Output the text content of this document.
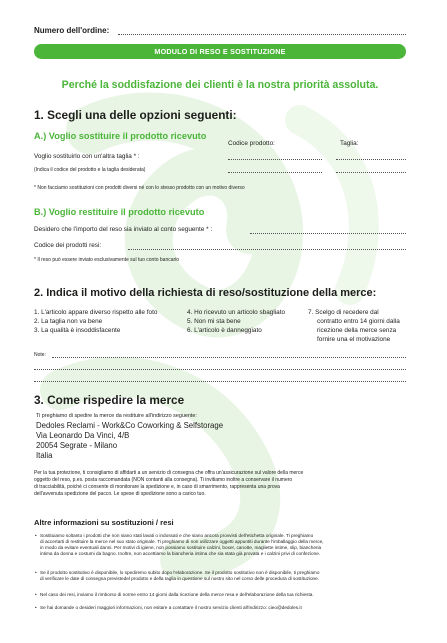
Numero dell'ordine:
MODULO DI RESO E SOSTITUZIONE
Perché la soddisfazione dei clienti è la nostra priorità assoluta.
1. Scegli una delle opzioni seguenti:
A.) Voglio sostituire il prodotto ricevuto
Codice prodotto:	Taglia:
Voglio sostituirlo con un'altra taglia * :
(Indica il codice del prodotto e la taglia desiderata)
* Non facciamo sostituzioni con prodotti diversi né con lo stesso prodotto con un motivo diverso
B.) Voglio restituire il prodotto ricevuto
Desidero che l'importo del reso sia inviato al conto seguente * :
Codice dei prodotti resi:
* Il reso può essere inviato esclusivamente sul tuo conto bancario
2. Indica il motivo della richiesta di reso/sostituzione della merce:
1. L'articolo appare diverso rispetto alle foto
2. La taglia non va bene
3. La qualità è insoddisfacente
4. Ho ricevuto un articolo sbagliato
5. Non mi sta bene
6. L'articolo è danneggiato
7. Scelgo di recedere dal
contratto entro 14 giorni dalla
ricezione della merce senza
fornire una el motivazione
Note:
3. Come rispedire la merce
Ti preghiamo di spedire la merce da restituire all'indirizzo seguente:
Dedoles Reclami - Work&Co Coworking & Selfstorage
Via Leonardo Da Vinci, 4/B
20054 Segrate - Milano
Italia
Per la tua protezione, ti consigliamo di affidarti a un servizio di consegna che offra un'assicurazione sul valore della merce
oggetto del reso, p.es. posta raccomandata (NON contanti alla consegna). Ti invitiamo inoltre a conservare il numero
di tracciabilità, poiché ci consente di monitorare la spedizione e, in caso di smarrimento, rappresenta una prova
dell'avvenuta spedizione del pacco. Le spese di spedizione sono a carico tuo.
Altre informazioni su sostituzioni / resi
• Sostituiamo soltanto i prodotti che non siano stati lavati o indossati e che siano ancora provvisti dell'etichetta originale. Ti preghiamo
di accertarti di restituire la merce nel suo stato originale. Ti preghiamo di non utilizzare oggetti appuntiti durante l'imballaggio della merce,
in modo da evitare eventuali danni. Per motivi di igiene, non possiamo sostituire calzini, boxer, canotte, magliette intime, slip, biancheria
intima da donna e costumi da bagno. Inoltre, non accettiamo la biancheria intima che sia stata già provata e i calzini privi di confezione.
• Se il prodotto sostitutivo è disponibile, lo spediremo subito dopo l'elaborazione. Se il prodotto sostitutivo non è disponibile, ti preghiamo
di verificare le date di consegna previstedel prodotto e della taglia in questione sul nostro sito nel corso delle procedura di sostituzione.
• Nel caso dei resi, inviamo il rimborso di norme entro 14 giorni dalla ricezione della merce resa e dell'elaborazione della tua richiesta.
• Se hai domande o desideri maggiori informazioni, non esitare a contattare il nostro servizio clienti all'indirizzo: cieo@dedoles.it
